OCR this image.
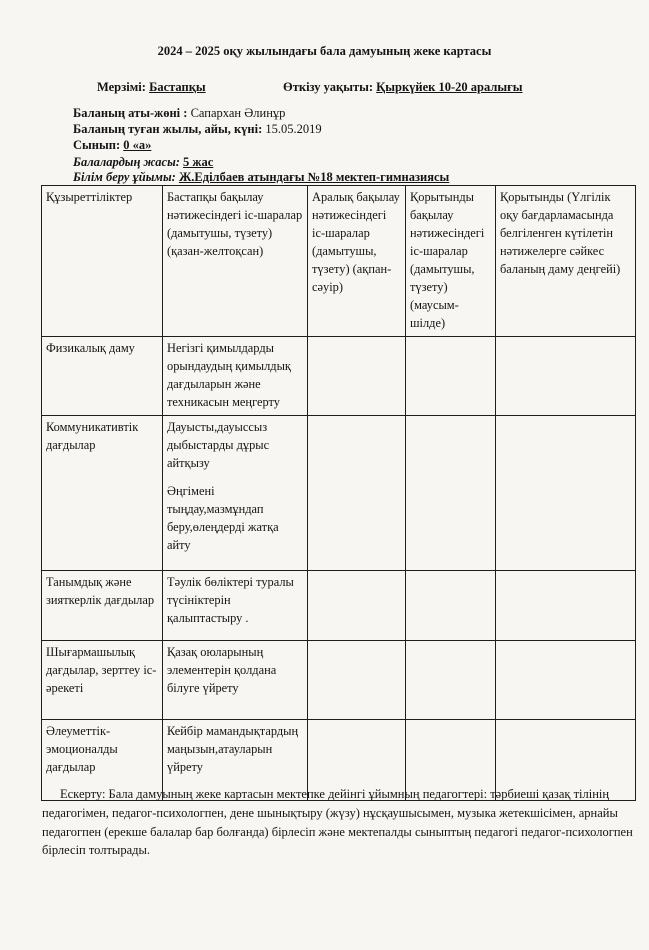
2024 – 2025 оқу жылындағы бала дамуының жеке картасы
Мерзімі: Бастапқы	Өткізу уақыты: Қыркүйек 10-20 аралығы
Баланың аты-жөні : Сапархан Әлинұр
Баланың туған жылы, айы, күні: 15.05.2019
Сынып: 0 «а»
Балалардың жасы: 5 жас
Білім беру ұйымы: Ж.Еділбаев атындағы №18 мектеп-гимназиясы
Құзыреттіліктер	Бастапқы бақылау нәтижесіндегі іс-шаралар (дамытушы, түзету) (қазан-желтоқсан)	Аралық бақылау нәтижесіндегі іс-шаралар (дамытушы, түзету) (ақпан-сәуір)	Қорытынды бақылау нәтижесіндегі іс-шаралар (дамытушы, түзету) (маусым-шілде)	Қорытынды (Үлгілік оқу бағдарламасында белгіленген күтілетін нәтижелерге сәйкес баланың даму деңгейі)
Физикалық даму	Негізгі қимылдарды орындаудың қимылдық дағдыларын және техникасын меңгерту			
Коммуникативтік дағдылар	Дауысты,дауыссыз дыбыстарды дұрыс айтқызу
Әңгімені тыңдау,мазмұндап беру,өлеңдерді жатқа айту			
Танымдық және зияткерлік дағдылар	Тәулік бөліктері туралы түсініктерін қалыптастыру .			
Шығармашылық дағдылар, зерттеу іс-әрекеті	Қазақ оюларының элементерін қолдана білуге үйрету			
Әлеуметтік-эмоционалды дағдылар	Кейбір мамандықтардың маңызын,атауларын үйрету			
Ескерту: Бала дамуының жеке картасын мектепке дейінгі ұйымның педагогтері: тәрбиеші қазақ тілінің педагогімен, педагог-психологпен, дене шынықтыру (жүзу) нұсқаушысымен, музыка жетекшісімен, арнайы педагогпен (ерекше балалар бар болғанда) бірлесіп және мектепалды сыныптың педагогі педагог-психологпен бірлесіп толтырады.
